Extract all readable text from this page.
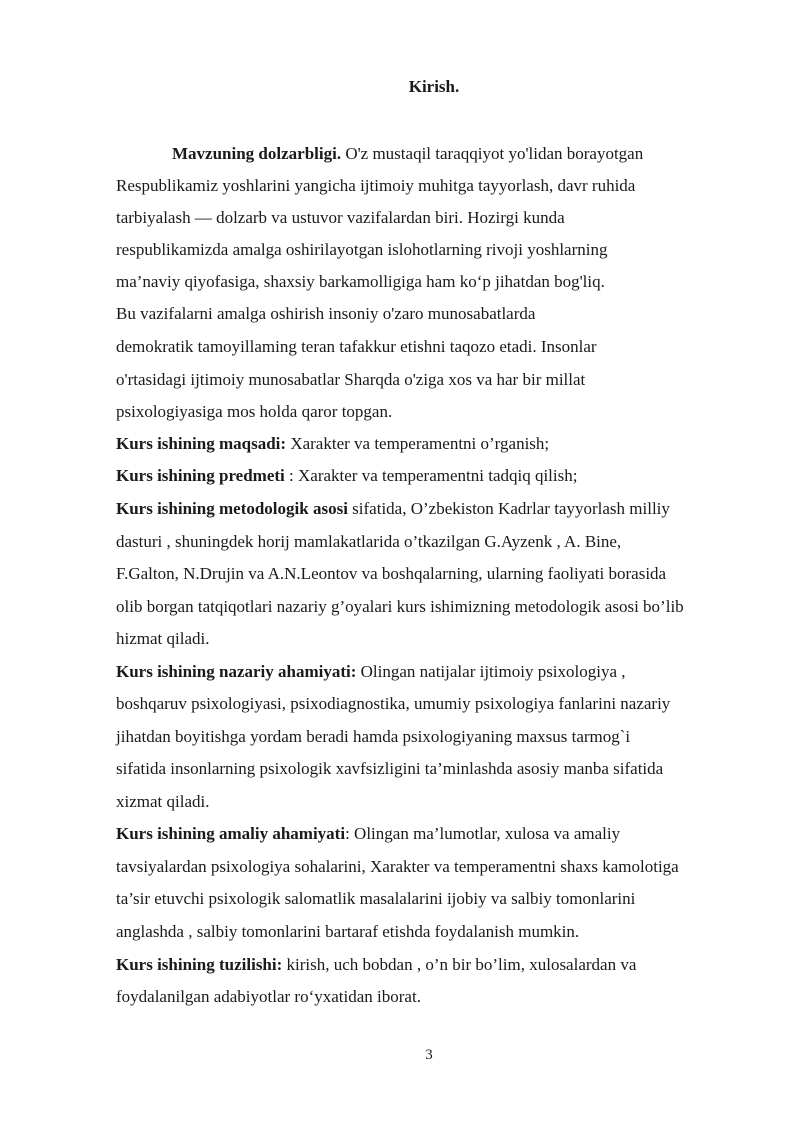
Kirish.
Mavzuning dolzarbligi. O'z mustaqil taraqqiyot yo'lidan borayotgan
Respublikamiz yoshlarini yangicha ijtimoiy muhitga tayyorlash, davr ruhida
tarbiyalash — dolzarb va ustuvor vazifalardan biri. Hozirgi kunda
respublikamizda amalga oshirilayotgan islohotlarning rivoji yoshlarning
ma’naviy qiyofasiga, shaxsiy barkamolligiga ham ko‘p jihatdan bog'liq.
Bu vazifalarni amalga oshirish insoniy o'zaro munosabatlarda
demokratik tamoyillaming teran tafakkur etishni taqozo etadi. Insonlar
o'rtasidagi ijtimoiy munosabatlar Sharqda o'ziga xos va har bir millat
psixologiyasiga mos holda qaror topgan.
Kurs ishining maqsadi: Xarakter va temperamentni o’rganish;
Kurs ishining predmeti : Xarakter va temperamentni tadqiq qilish;
Kurs ishining metodologik asosi sifatida, O’zbekiston Kadrlar tayyorlash milliy
dasturi , shuningdek horij mamlakatlarida o’tkazilgan G.Ayzenk , A. Bine,
F.Galton, N.Drujin va A.N.Leontov va boshqalarning, ularning faoliyati borasida
olib borgan tatqiqotlari nazariy g’oyalari kurs ishimizning metodologik asosi bo’lib
hizmat qiladi.
Kurs ishining nazariy ahamiyati: Olingan natijalar ijtimoiy psixologiya ,
boshqaruv psixologiyasi, psixodiagnostika, umumiy psixologiya fanlarini nazariy
jihatdan boyitishga yordam beradi hamda psixologiyaning maxsus tarmog`i
sifatida insonlarning psixologik xavfsizligini ta’minlashda asosiy manba sifatida
xizmat qiladi.
Kurs ishining amaliy ahamiyati: Olingan ma’lumotlar, xulosa va amaliy
tavsiyalardan psixologiya sohalarini, Xarakter va temperamentni shaxs kamolotiga
ta’sir etuvchi psixologik salomatlik masalalarini ijobiy va salbiy tomonlarini
anglashda , salbiy tomonlarini bartaraf etishda foydalanish mumkin.
Kurs ishining tuzilishi: kirish, uch bobdan , o’n bir bo’lim, xulosalardan va
foydalanilgan adabiyotlar ro‘yxatidan iborat.
3
